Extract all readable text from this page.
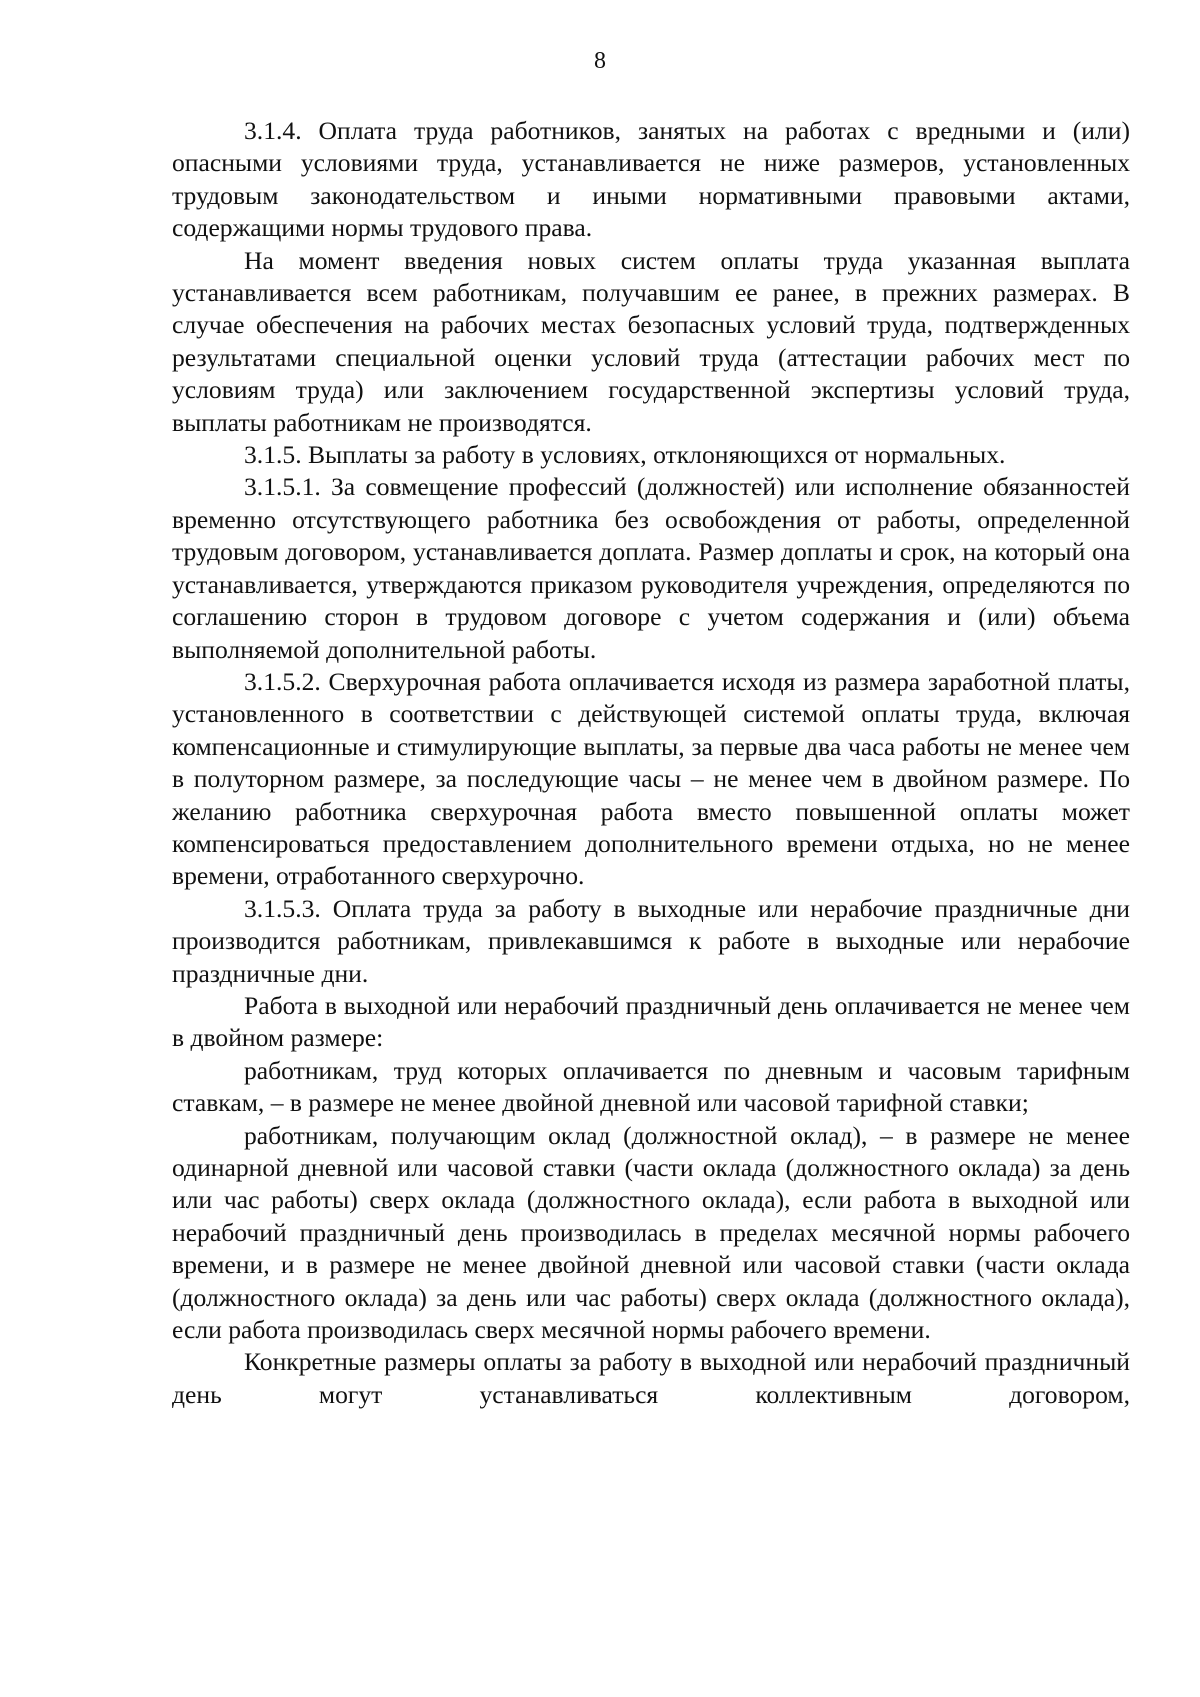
8

3.1.4. Оплата труда работников, занятых на работах с вредными и (или) опасными условиями труда, устанавливается не ниже размеров, установленных трудовым законодательством и иными нормативными правовыми актами, содержащими нормы трудового права.

На момент введения новых систем оплаты труда указанная выплата устанавливается всем работникам, получавшим ее ранее, в прежних размерах. В случае обеспечения на рабочих местах безопасных условий труда, подтвержденных результатами специальной оценки условий труда (аттестации рабочих мест по условиям труда) или заключением государственной экспертизы условий труда, выплаты работникам не производятся.

3.1.5. Выплаты за работу в условиях, отклоняющихся от нормальных.

3.1.5.1. За совмещение профессий (должностей) или исполнение обязанностей временно отсутствующего работника без освобождения от работы, определенной трудовым договором, устанавливается доплата. Размер доплаты и срок, на который она устанавливается, утверждаются приказом руководителя учреждения, определяются по соглашению сторон в трудовом договоре с учетом содержания и (или) объема выполняемой дополнительной работы.

3.1.5.2. Сверхурочная работа оплачивается исходя из размера заработной платы, установленного в соответствии с действующей системой оплаты труда, включая компенсационные и стимулирующие выплаты, за первые два часа работы не менее чем в полуторном размере, за последующие часы – не менее чем в двойном размере. По желанию работника сверхурочная работа вместо повышенной оплаты может компенсироваться предоставлением дополнительного времени отдыха, но не менее времени, отработанного сверхурочно.

3.1.5.3. Оплата труда за работу в выходные или нерабочие праздничные дни производится работникам, привлекавшимся к работе в выходные или нерабочие праздничные дни.

Работа в выходной или нерабочий праздничный день оплачивается не менее чем в двойном размере:

работникам, труд которых оплачивается по дневным и часовым тарифным ставкам, – в размере не менее двойной дневной или часовой тарифной ставки;

работникам, получающим оклад (должностной оклад), – в размере не менее одинарной дневной или часовой ставки (части оклада (должностного оклада) за день или час работы) сверх оклада (должностного оклада), если работа в выходной или нерабочий праздничный день производилась в пределах месячной нормы рабочего времени, и в размере не менее двойной дневной или часовой ставки (части оклада (должностного оклада) за день или час работы) сверх оклада (должностного оклада), если работа производилась сверх месячной нормы рабочего времени.

Конкретные размеры оплаты за работу в выходной или нерабочий праздничный день могут устанавливаться коллективным договором,
